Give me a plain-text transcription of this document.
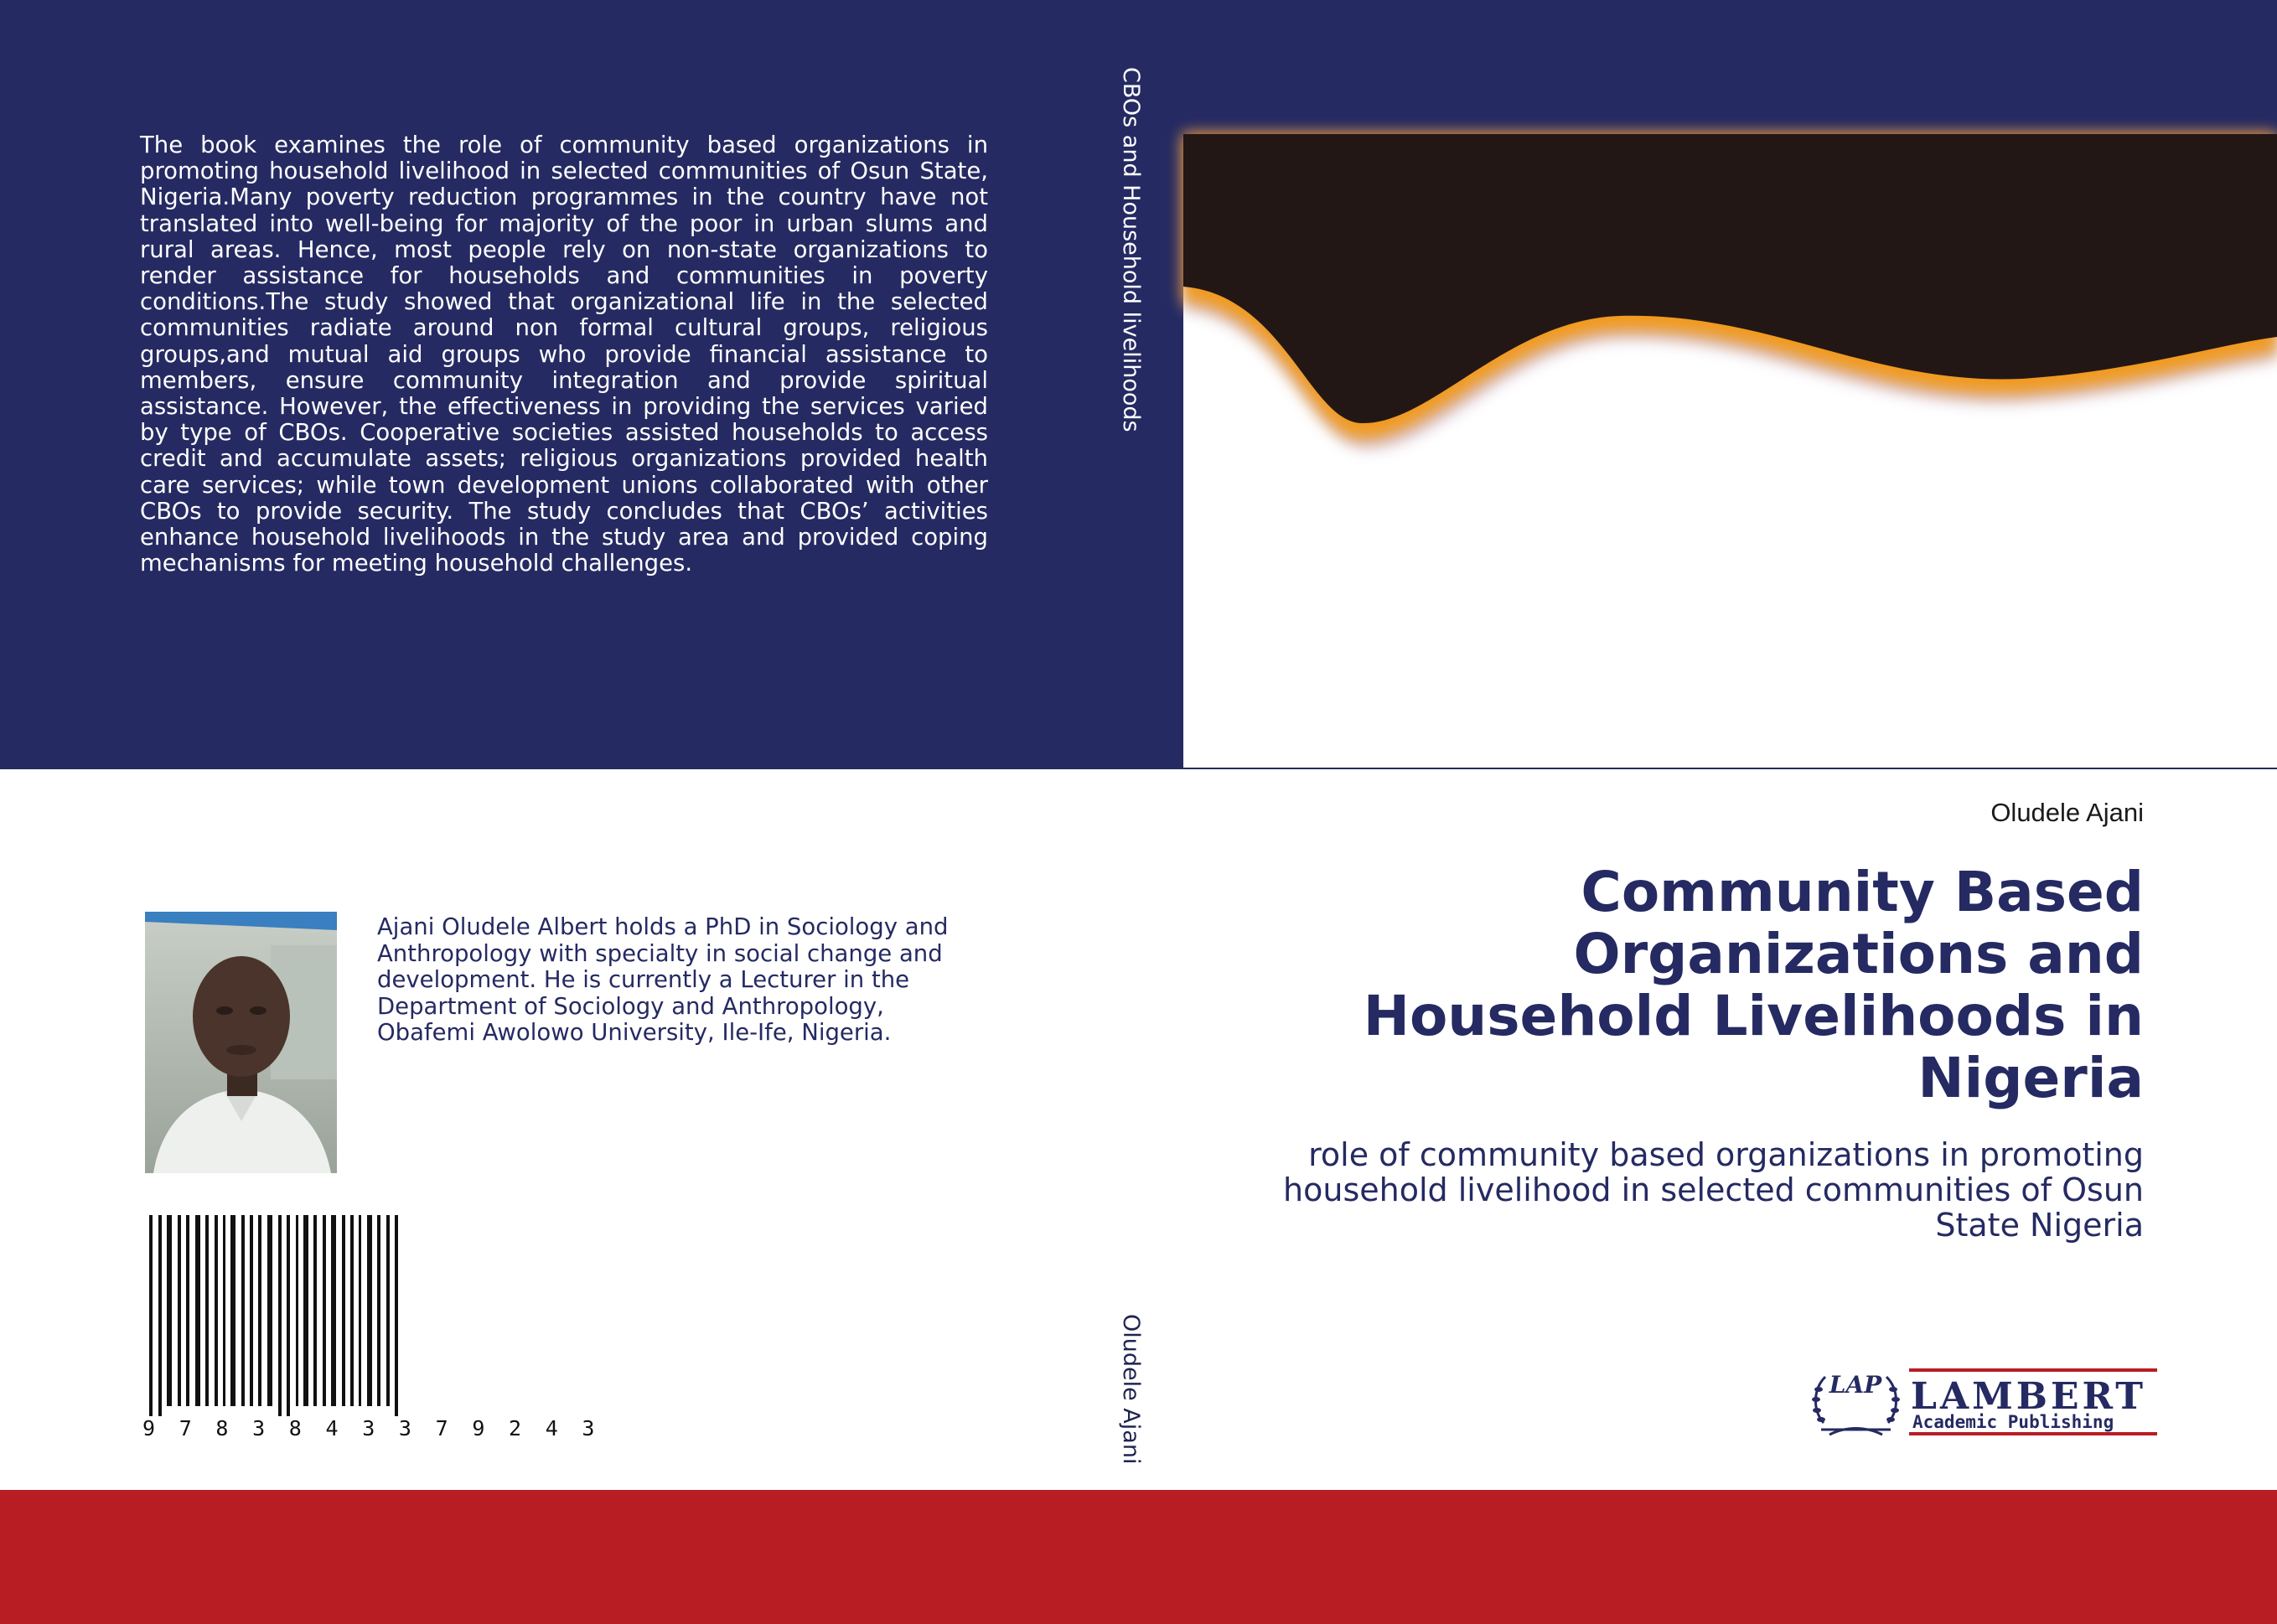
The book examines the role of community based organizations in promoting household livelihood in selected communities of Osun State, Nigeria.Many poverty reduction programmes in the country have not translated into well-being for majority of the poor in urban slums and rural areas. Hence, most people rely on non-state organizations to render assistance for households and communities in poverty conditions.The study showed that organizational life in the selected communities radiate around non formal cultural groups, religious groups,and mutual aid groups who provide financial assistance to members, ensure community integration and provide spiritual assistance. However, the effectiveness in providing the services varied by type of CBOs. Cooperative societies assisted households to access credit and accumulate assets; religious organizations provided health care services; while town development unions collaborated with other CBOs to provide security. The study concludes that CBOs’ activities enhance household livelihoods in the study area and provided coping mechanisms for meeting household challenges.
CBOs and Household livelihoods
Oludele Ajani
Ajani Oludele Albert holds a PhD in Sociology and Anthropology with specialty in social change and development. He is currently a Lecturer in the Department of Sociology and Anthropology, Obafemi Awolowo University, Ile-Ife, Nigeria.
9 7 8 3 8 4 3 3 7 9 2 4 3
Oludele Ajani
Community Based Organizations and Household Livelihoods in Nigeria
role of community based organizations in promoting household livelihood in selected communities of Osun State Nigeria
LAP LAMBERT
Academic Publishing
